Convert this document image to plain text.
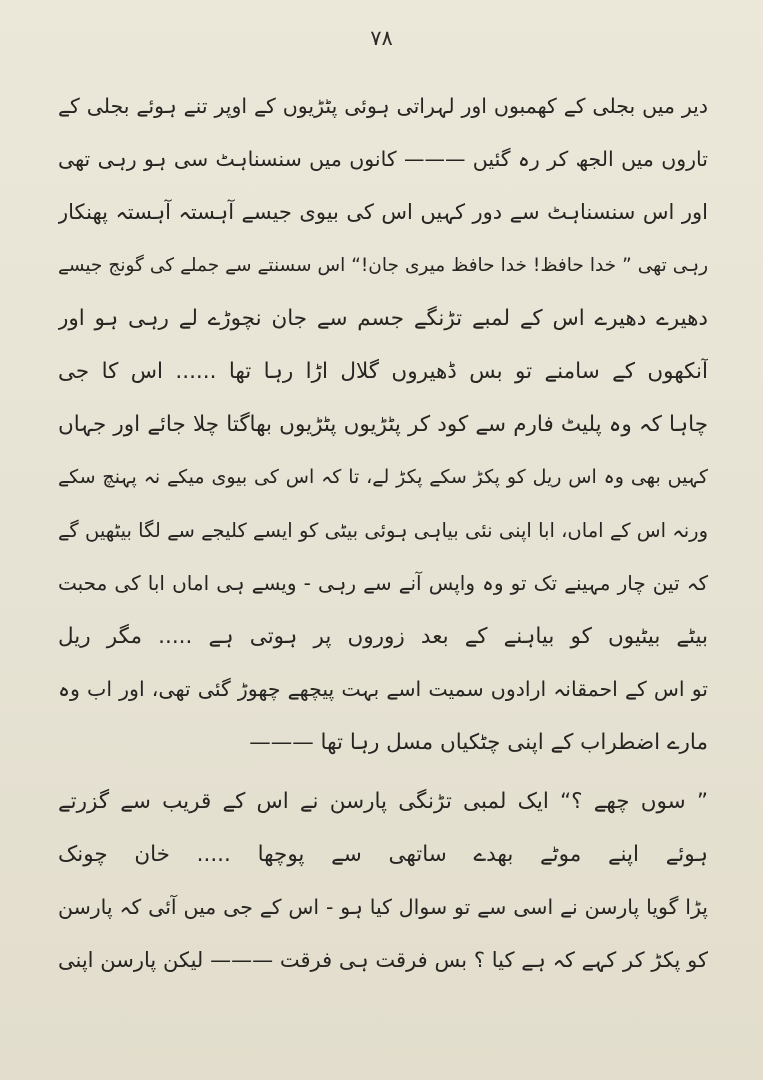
۷۸
دیر میں بجلی کے کھمبوں اور لہراتی ہوئی پٹڑیوں کے اوپر تنے ہوئے بجلی کے
تاروں میں الجھ کر رہ گئیں ——— کانوں میں سنسناہٹ سی ہو رہی تھی
اور اس سنسناہٹ سے دور کہیں اس کی بیوی جیسے آہستہ آہستہ پھنکار
رہی تھی ” خدا حافظ! خدا حافظ میری جان!“ اس سسنتے سے جملے کی گونج جیسے
دھیرے دھیرے اس کے لمبے تڑنگے جسم سے جان نچوڑے لے رہی ہو اور
آنکھوں کے سامنے تو بس ڈھیروں گلال اڑا رہا تھا ...... اس کا جی
چاہا کہ وہ پلیٹ فارم سے کود کر پٹڑیوں پٹڑیوں بھاگتا چلا جائے اور جہاں
کہیں بھی وہ اس ریل کو پکڑ سکے پکڑ لے، تا کہ اس کی بیوی میکے نہ پہنچ سکے
ورنہ اس کے اماں، ابا اپنی نئی بیاہی ہوئی بیٹی کو ایسے کلیجے سے لگا بیٹھیں گے
کہ تین چار مہینے تک تو وہ واپس آنے سے رہی - ویسے ہی اماں ابا کی محبت
بیٹے بیٹیوں کو بیاہنے کے بعد زوروں پر ہوتی ہے ..... مگر ریل
تو اس کے احمقانہ ارادوں سمیت اسے بہت پیچھے چھوڑ گئی تھی، اور اب وہ
مارے اضطراب کے اپنی چٹکیاں مسل رہا تھا ———
” سوں چھے ؟“ ایک لمبی تڑنگی پارسن نے اس کے قریب سے گزرتے
ہوئے اپنے موٹے بھدے ساتھی سے پوچھا ..... خان چونک
پڑا گویا پارسن نے اسی سے تو سوال کیا ہو - اس کے جی میں آئی کہ پارسن
کو پکڑ کر کہے کہ ہے کیا ؟ بس فرقت ہی فرقت ——— لیکن پارسن اپنی
